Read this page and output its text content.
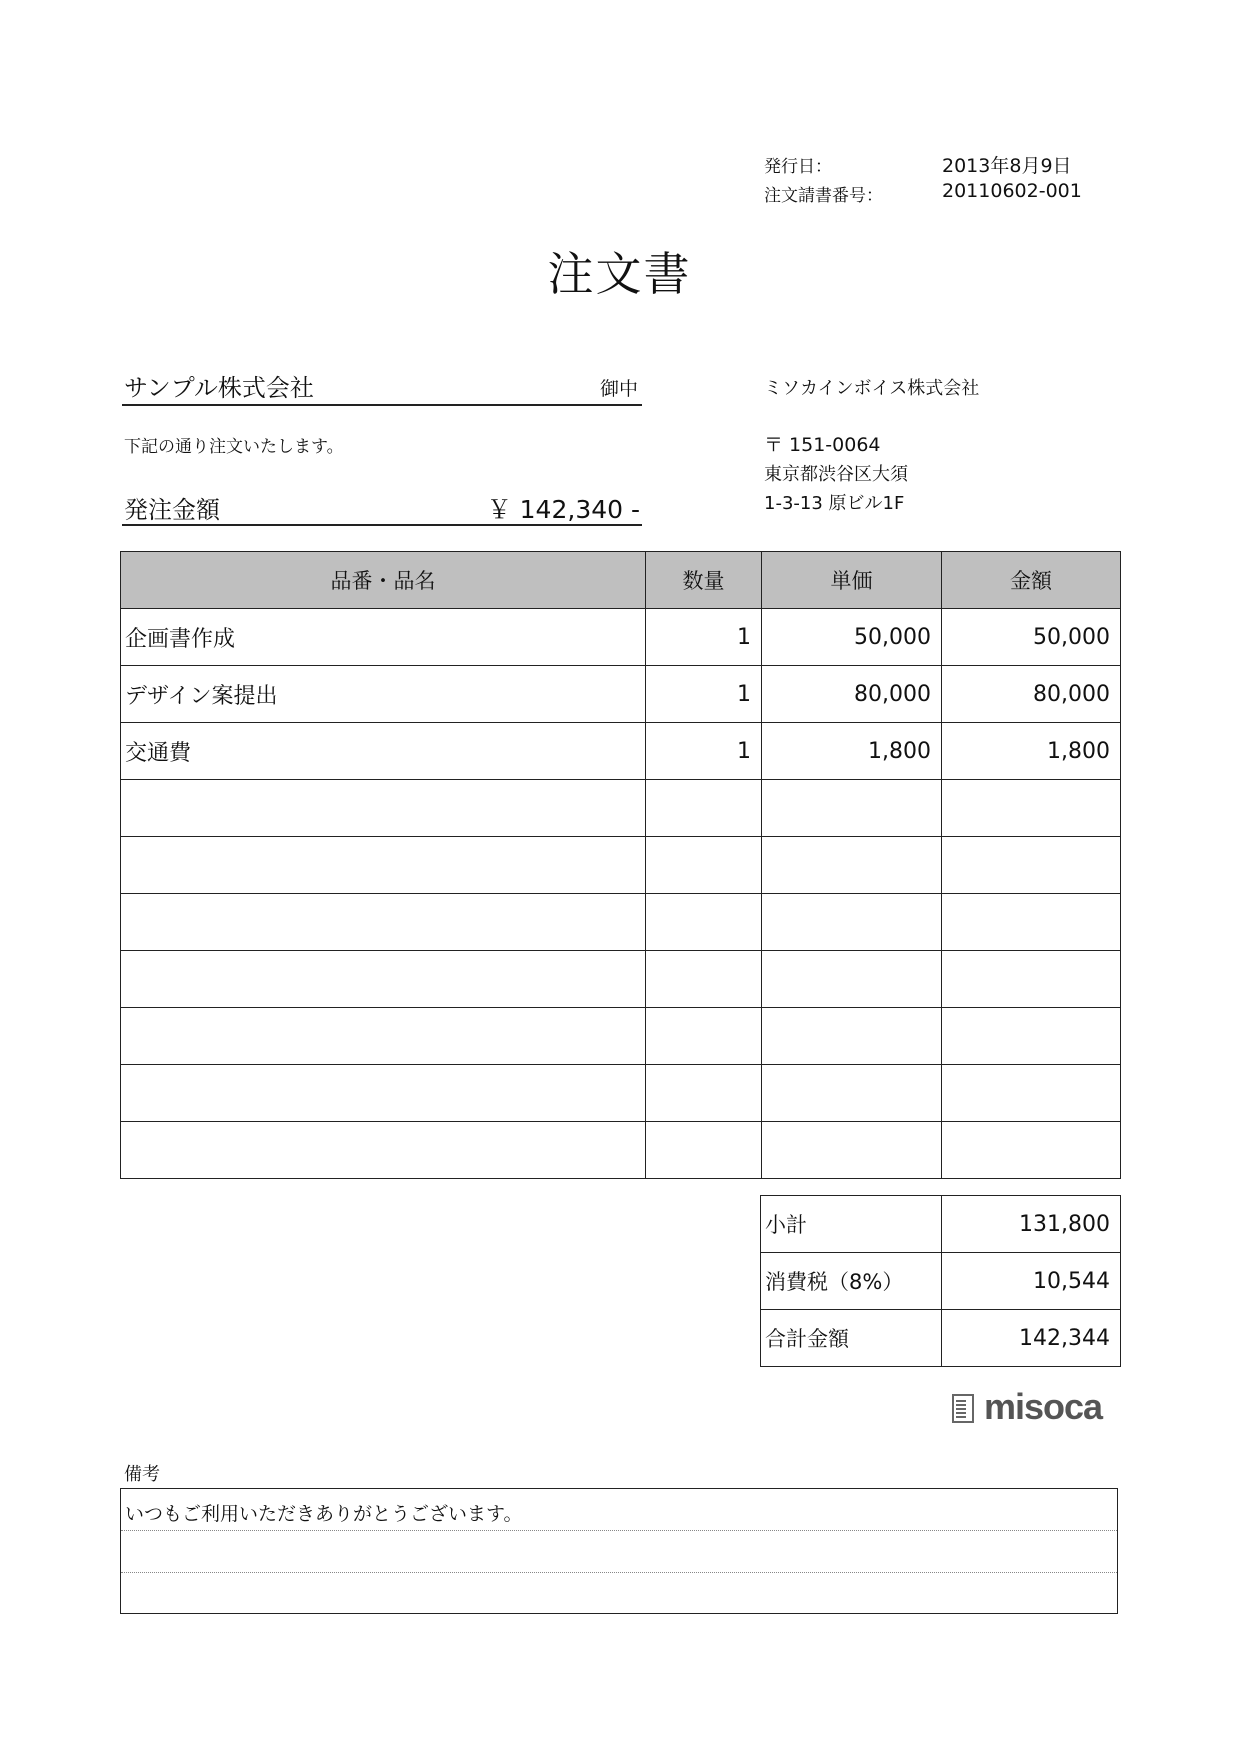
発行日：	2013年8月9日
注文請書番号：	20110602-001
注文書
サンプル株式会社	御中
下記の通り注文いたします。
発注金額	￥ 142,340 -
ミソカインボイス株式会社
〒 151-0064
東京都渋谷区大須
1-3-13 原ビル1F
品番・品名	数量	単価	金額
企画書作成	1	50,000	50,000
デザイン案提出	1	80,000	80,000
交通費	1	1,800	1,800

小計	131,800
消費税（8%）	10,544
合計金額	142,344
misoca
備考
いつもご利用いただきありがとうございます。
